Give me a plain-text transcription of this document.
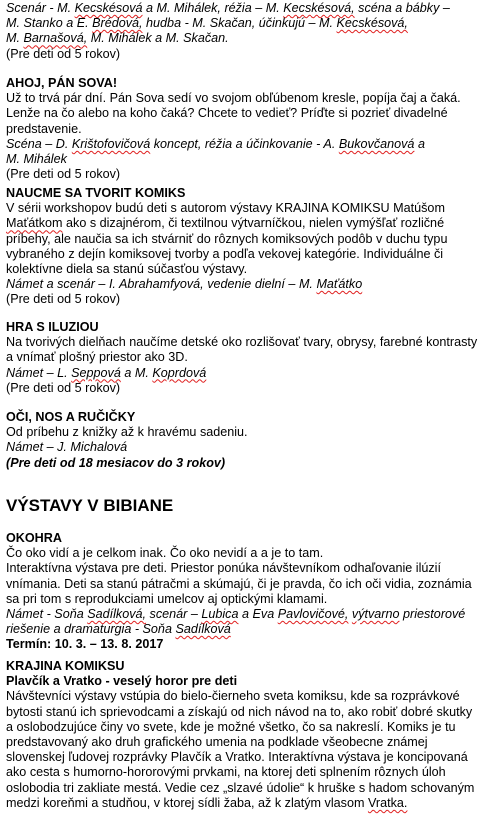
Scenár - M. Kecskésová a M. Mihálek, réžia – M. Kecskésová, scéna a bábky –
M. Stanko a E. Brédová, hudba - M. Skačan, účinkujú – M. Kecskésová,
M. Barnašová, M. Mihálek a M. Skačan.
(Pre deti od 5 rokov)
AHOJ, PÁN SOVA!
Už to trvá pár dní. Pán Sova sedí vo svojom obľúbenom kresle, popíja čaj a čaká.
Lenže na čo alebo na koho čaká? Chcete to vedieť? Príďte si pozrieť divadelné
predstavenie.
Scéna – D. Krištofovičová koncept, réžia a účinkovanie - A. Bukovčanová a
M. Mihálek
(Pre deti od 5 rokov)
NAUCME SA TVORIT KOMIKS
V sérii workshopov budú deti s autorom výstavy KRAJINA KOMIKSU Matúšom
Maťátkom ako s dizajnérom, či textilnou výtvarníčkou, nielen vymýšľať rozličné
príbehy, ale naučia sa ich stvárniť do rôznych komiksových podôb v duchu typu
vybraného z dejín komiksovej tvorby a podľa vekovej kategórie. Individuálne či
kolektívne diela sa stanú súčasťou výstavy.
Námet a scenár – I. Abrahamfyová, vedenie dielní – M. Maťátko
(Pre deti od 5 rokov)
HRA S ILUZIOU
Na tvorivých dielňach naučíme detské oko rozlišovať tvary, obrysy, farebné kontrasty
a vnímať plošný priestor ako 3D.
Námet – L. Seppová a M. Koprdová
(Pre deti od 5 rokov)
OČI, NOS A RUČIČKY
Od príbehu z knižky až k hravému sadeniu.
Námet – J. Michalová
(Pre deti od 18 mesiacov do 3 rokov)
VÝSTAVY V BIBIANE
OKOHRA
Čo oko vidí a je celkom inak. Čo oko nevidí a a je to tam.
Interaktívna výstava pre deti. Priestor ponúka návštevníkom odhaľovanie ilúzií
vnímania. Deti sa stanú pátračmi a skúmajú, či je pravda, čo ich oči vidia, zoznámia
sa pri tom s reprodukciami umelcov aj optickými klamami.
Námet - Soňa Sadílková, scenár – Lubica a Eva Pavlovičové, výtvarno priestorové
riešenie a dramaturgia - Soňa Sadílková
Termín: 10. 3. – 13. 8. 2017
KRAJINA KOMIKSU
Plavčík a Vratko - veselý horor pre deti
Návštevníci výstavy vstúpia do bielo-čierneho sveta komiksu, kde sa rozprávkové
bytosti stanú ich sprievodcami a získajú od nich návod na to, ako robiť dobré skutky
a oslobodzujúce činy vo svete, kde je možné všetko, čo sa nakreslí. Komiks je tu
predstavovaný ako druh grafického umenia na podklade všeobecne známej
slovenskej ľudovej rozprávky Plavčík a Vratko. Interaktívna výstava je koncipovaná
ako cesta s humorno-hororovými prvkami, na ktorej deti splnením rôznych úloh
oslobodia tri zakliate mestá. Vedie cez „slzavé údolie“ k hruške s hadom schovaným
medzi koreňmi a studňou, v ktorej sídli žaba, až k zlatým vlasom Vratka.
